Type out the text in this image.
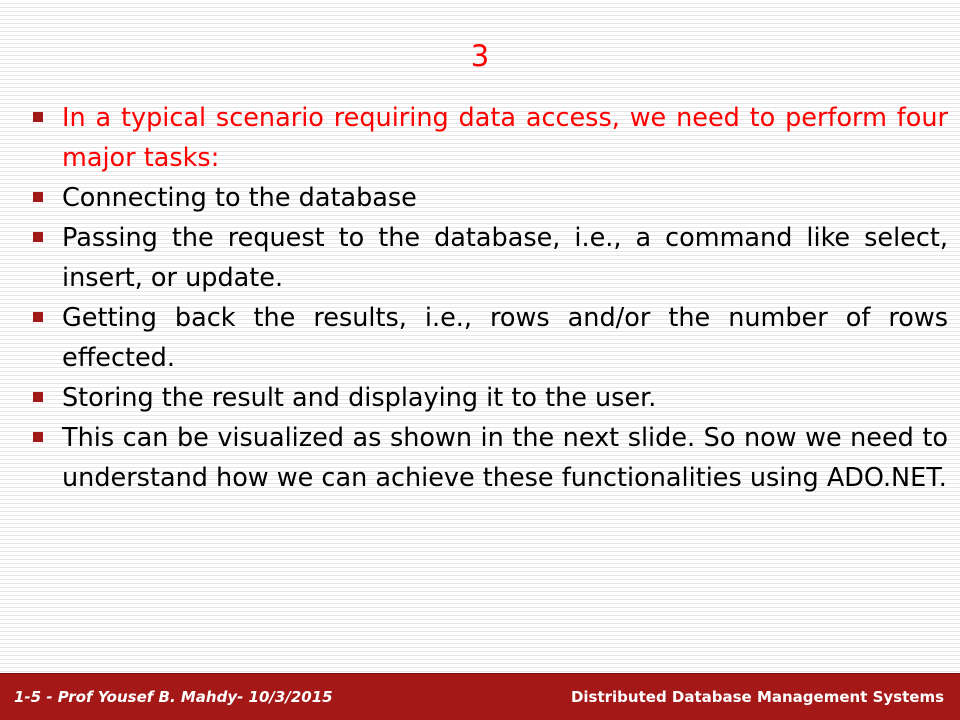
3
In a typical scenario requiring data access, we need to perform four major tasks:
Connecting to the database
Passing the request to the database, i.e., a command like select, insert, or update.
Getting back the results, i.e., rows and/or the number of rows effected.
Storing the result and displaying it to the user.
This can be visualized as shown in the next slide. So now we need to understand how we can achieve these functionalities using ADO.NET.
1-5 - Prof Yousef B. Mahdy- 10/3/2015	Distributed Database Management Systems
